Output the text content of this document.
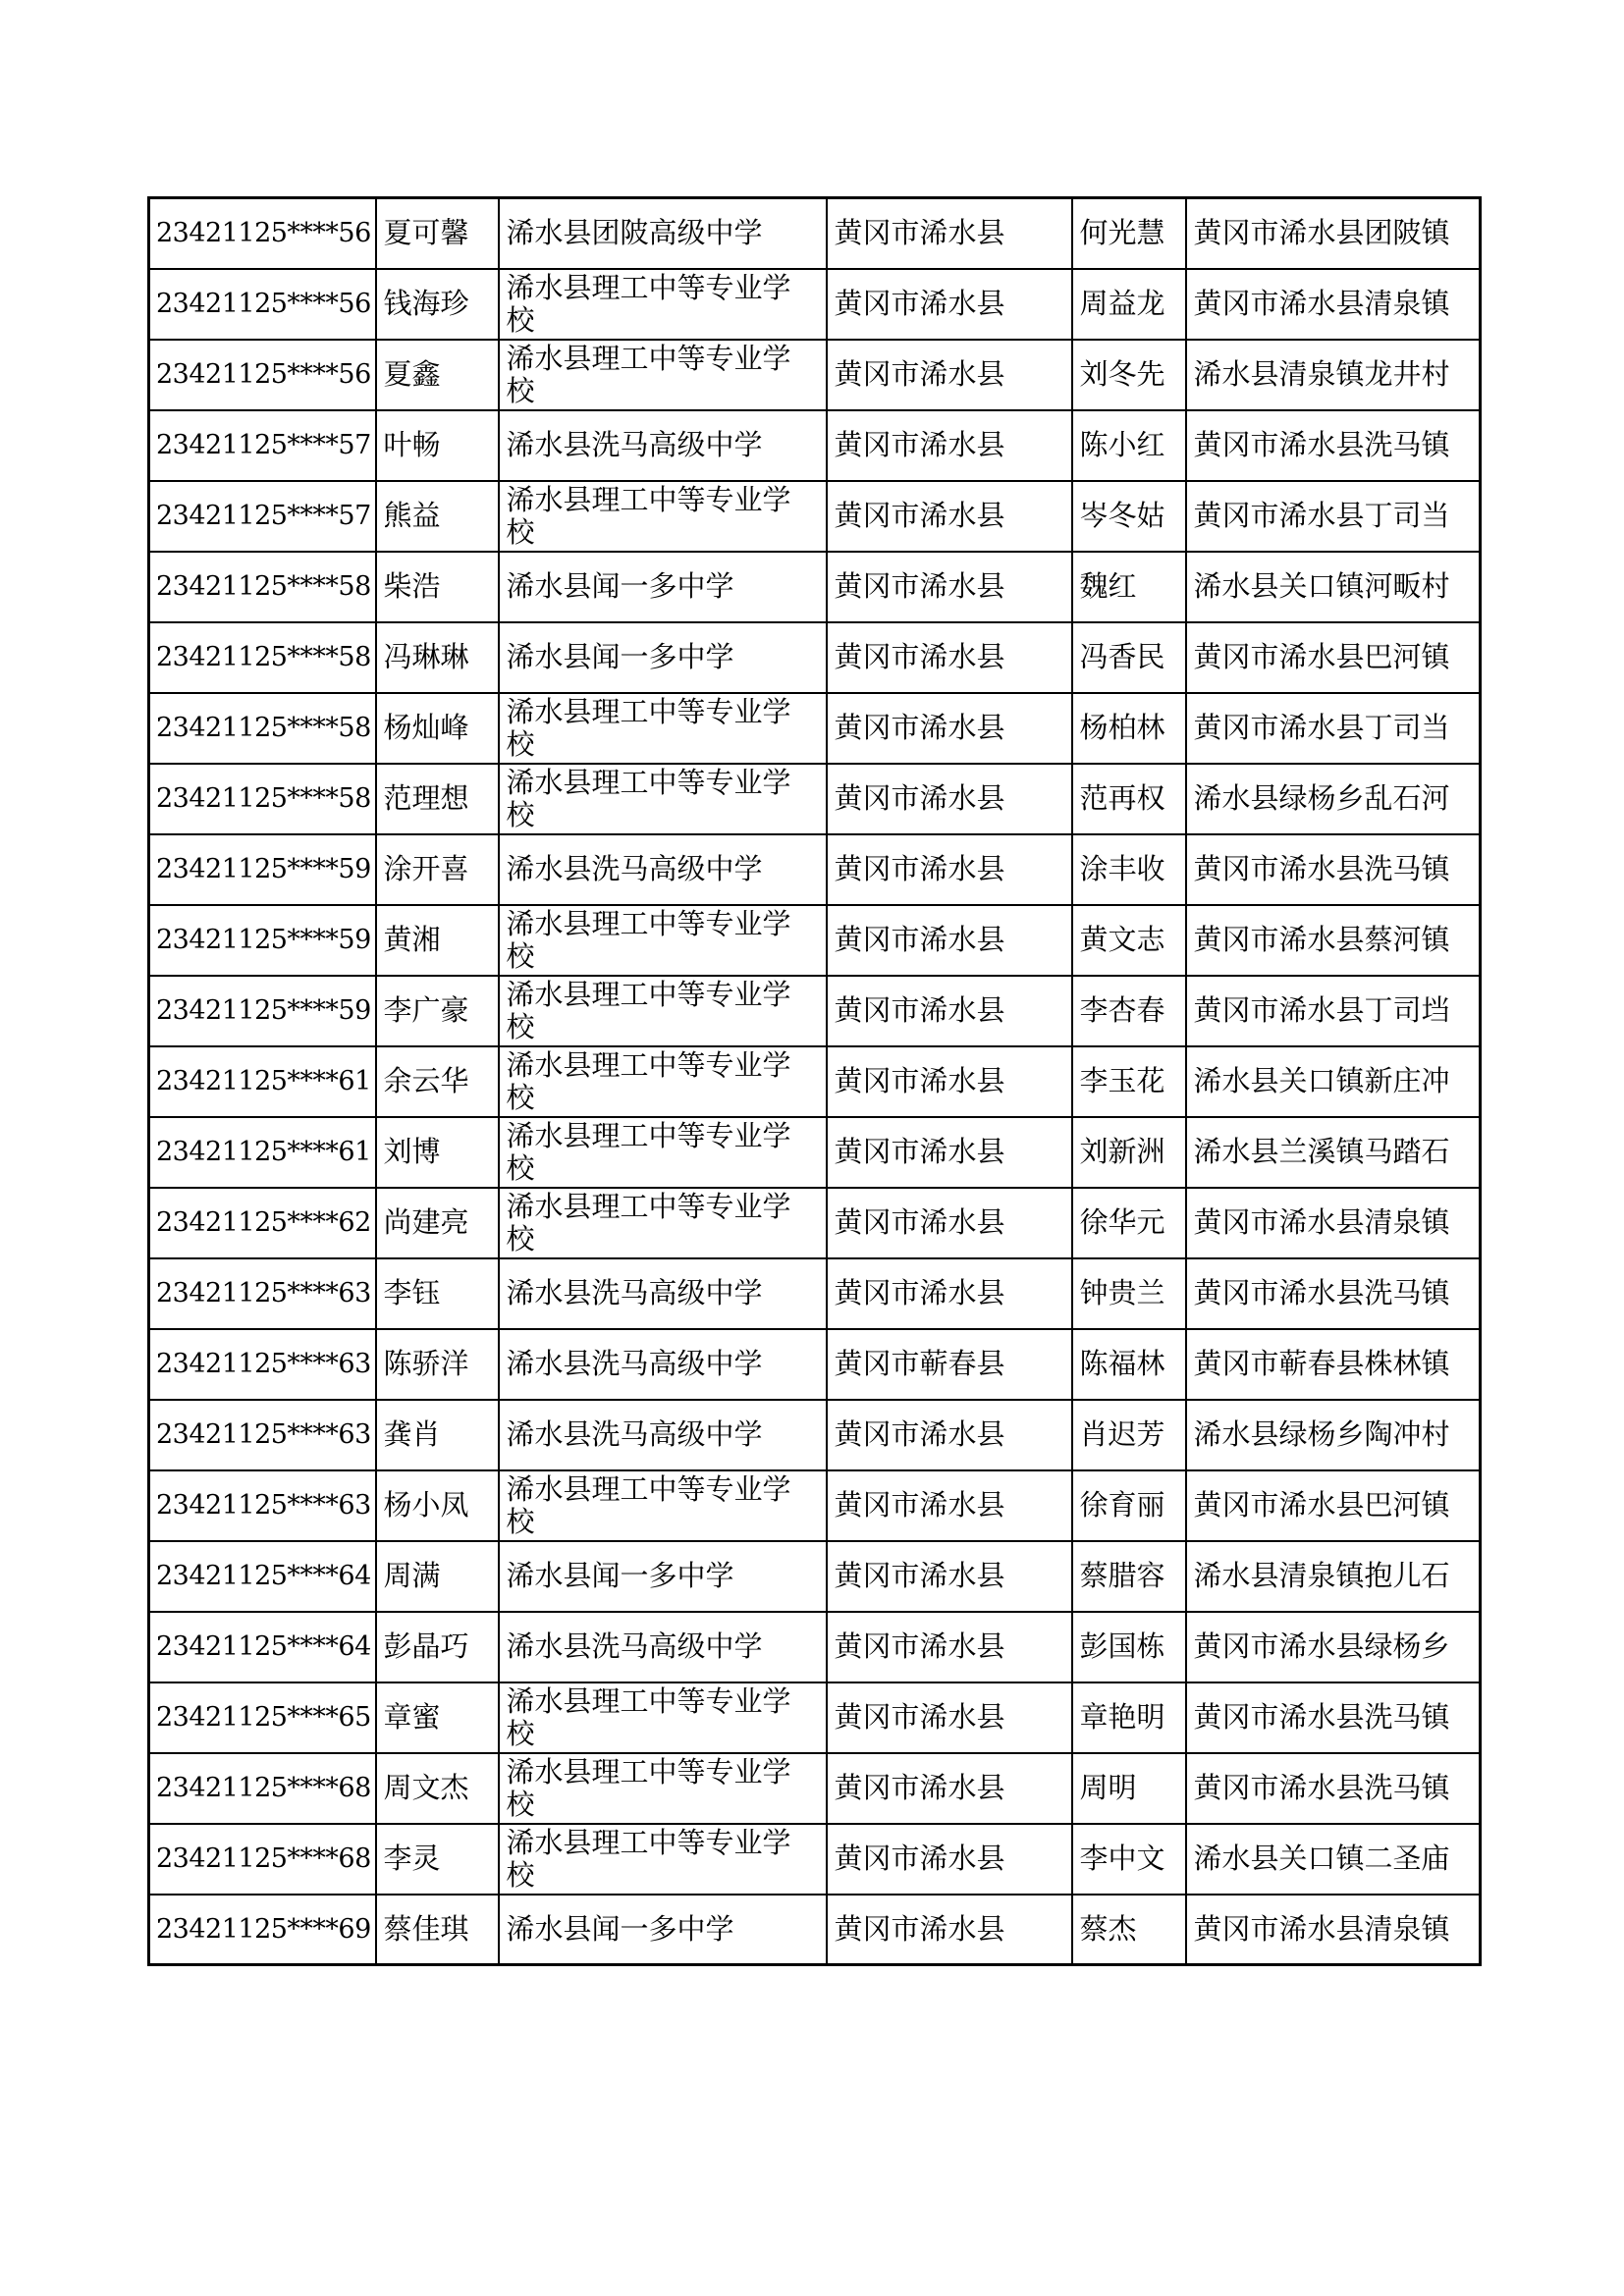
23421125****56	夏可馨	浠水县团陂高级中学	黄冈市浠水县	何光慧	黄冈市浠水县团陂镇
23421125****56	钱海珍	浠水县理工中等专业学校	黄冈市浠水县	周益龙	黄冈市浠水县清泉镇
23421125****56	夏鑫	浠水县理工中等专业学校	黄冈市浠水县	刘冬先	浠水县清泉镇龙井村
23421125****57	叶畅	浠水县洗马高级中学	黄冈市浠水县	陈小红	黄冈市浠水县洗马镇
23421125****57	熊益	浠水县理工中等专业学校	黄冈市浠水县	岑冬姑	黄冈市浠水县丁司当
23421125****58	柴浩	浠水县闻一多中学	黄冈市浠水县	魏红	浠水县关口镇河畈村
23421125****58	冯琳琳	浠水县闻一多中学	黄冈市浠水县	冯香民	黄冈市浠水县巴河镇
23421125****58	杨灿峰	浠水县理工中等专业学校	黄冈市浠水县	杨柏林	黄冈市浠水县丁司当
23421125****58	范理想	浠水县理工中等专业学校	黄冈市浠水县	范再权	浠水县绿杨乡乱石河
23421125****59	涂开喜	浠水县洗马高级中学	黄冈市浠水县	涂丰收	黄冈市浠水县洗马镇
23421125****59	黄湘	浠水县理工中等专业学校	黄冈市浠水县	黄文志	黄冈市浠水县蔡河镇
23421125****59	李广豪	浠水县理工中等专业学校	黄冈市浠水县	李杏春	黄冈市浠水县丁司垱
23421125****61	余云华	浠水县理工中等专业学校	黄冈市浠水县	李玉花	浠水县关口镇新庄冲
23421125****61	刘博	浠水县理工中等专业学校	黄冈市浠水县	刘新洲	浠水县兰溪镇马踏石
23421125****62	尚建亮	浠水县理工中等专业学校	黄冈市浠水县	徐华元	黄冈市浠水县清泉镇
23421125****63	李钰	浠水县洗马高级中学	黄冈市浠水县	钟贵兰	黄冈市浠水县洗马镇
23421125****63	陈骄洋	浠水县洗马高级中学	黄冈市蕲春县	陈福林	黄冈市蕲春县株林镇
23421125****63	龚肖	浠水县洗马高级中学	黄冈市浠水县	肖迟芳	浠水县绿杨乡陶冲村
23421125****63	杨小凤	浠水县理工中等专业学校	黄冈市浠水县	徐育丽	黄冈市浠水县巴河镇
23421125****64	周满	浠水县闻一多中学	黄冈市浠水县	蔡腊容	浠水县清泉镇抱儿石
23421125****64	彭晶巧	浠水县洗马高级中学	黄冈市浠水县	彭国栋	黄冈市浠水县绿杨乡
23421125****65	章蜜	浠水县理工中等专业学校	黄冈市浠水县	章艳明	黄冈市浠水县洗马镇
23421125****68	周文杰	浠水县理工中等专业学校	黄冈市浠水县	周明	黄冈市浠水县洗马镇
23421125****68	李灵	浠水县理工中等专业学校	黄冈市浠水县	李中文	浠水县关口镇二圣庙
23421125****69	蔡佳琪	浠水县闻一多中学	黄冈市浠水县	蔡杰	黄冈市浠水县清泉镇
